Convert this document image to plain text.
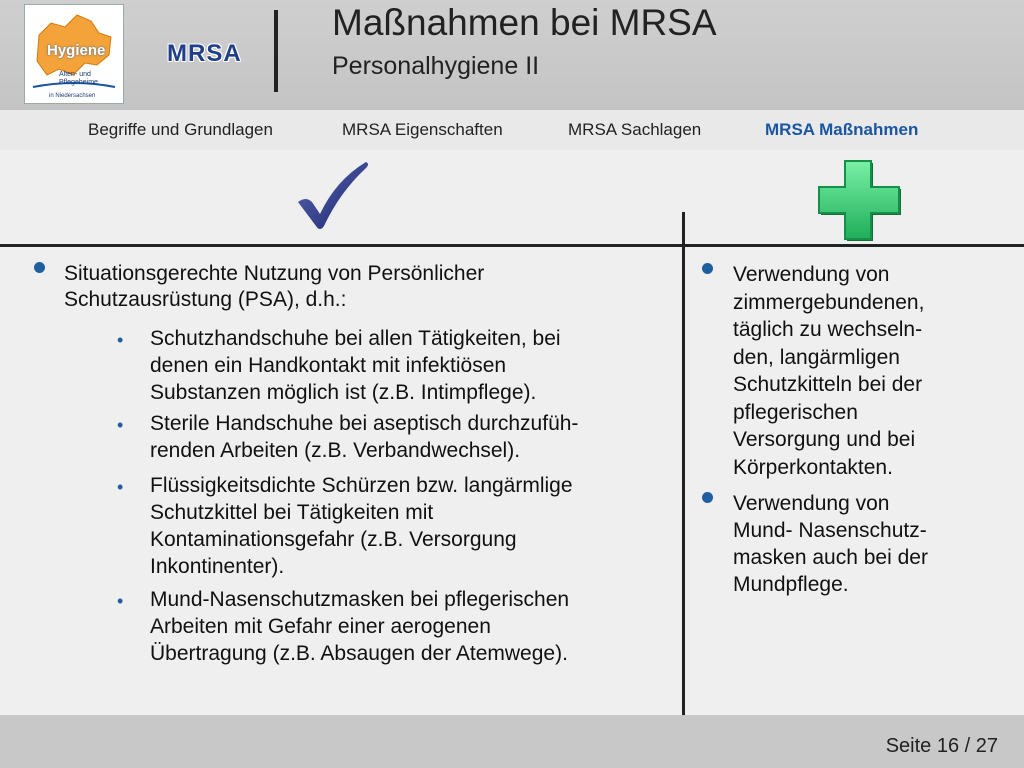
Hygiene
Alten- und
Pflegeheime
in Niedersachsen
MRSA
Maßnahmen bei MRSA
Personalhygiene II
Begriffe und Grundlagen	MRSA Eigenschaften	MRSA Sachlagen	MRSA Maßnahmen
Situationsgerechte Nutzung von Persönlicher
Schutzausrüstung (PSA), d.h.:
• Schutzhandschuhe bei allen Tätigkeiten, bei
denen ein Handkontakt mit infektiösen
Substanzen möglich ist (z.B. Intimpflege).
• Sterile Handschuhe bei aseptisch durchzufüh-
renden Arbeiten (z.B. Verbandwechsel).
• Flüssigkeitsdichte Schürzen bzw. langärmlige
Schutzkittel bei Tätigkeiten mit
Kontaminationsgefahr (z.B. Versorgung
Inkontinenter).
• Mund-Nasenschutzmasken bei pflegerischen
Arbeiten mit Gefahr einer aerogenen
Übertragung (z.B. Absaugen der Atemwege).
Verwendung von
zimmergebundenen,
täglich zu wechseln-
den, langärmligen
Schutzkitteln bei der
pflegerischen
Versorgung und bei
Körperkontakten.
Verwendung von
Mund- Nasenschutz-
masken auch bei der
Mundpflege.
Seite 16 / 27
